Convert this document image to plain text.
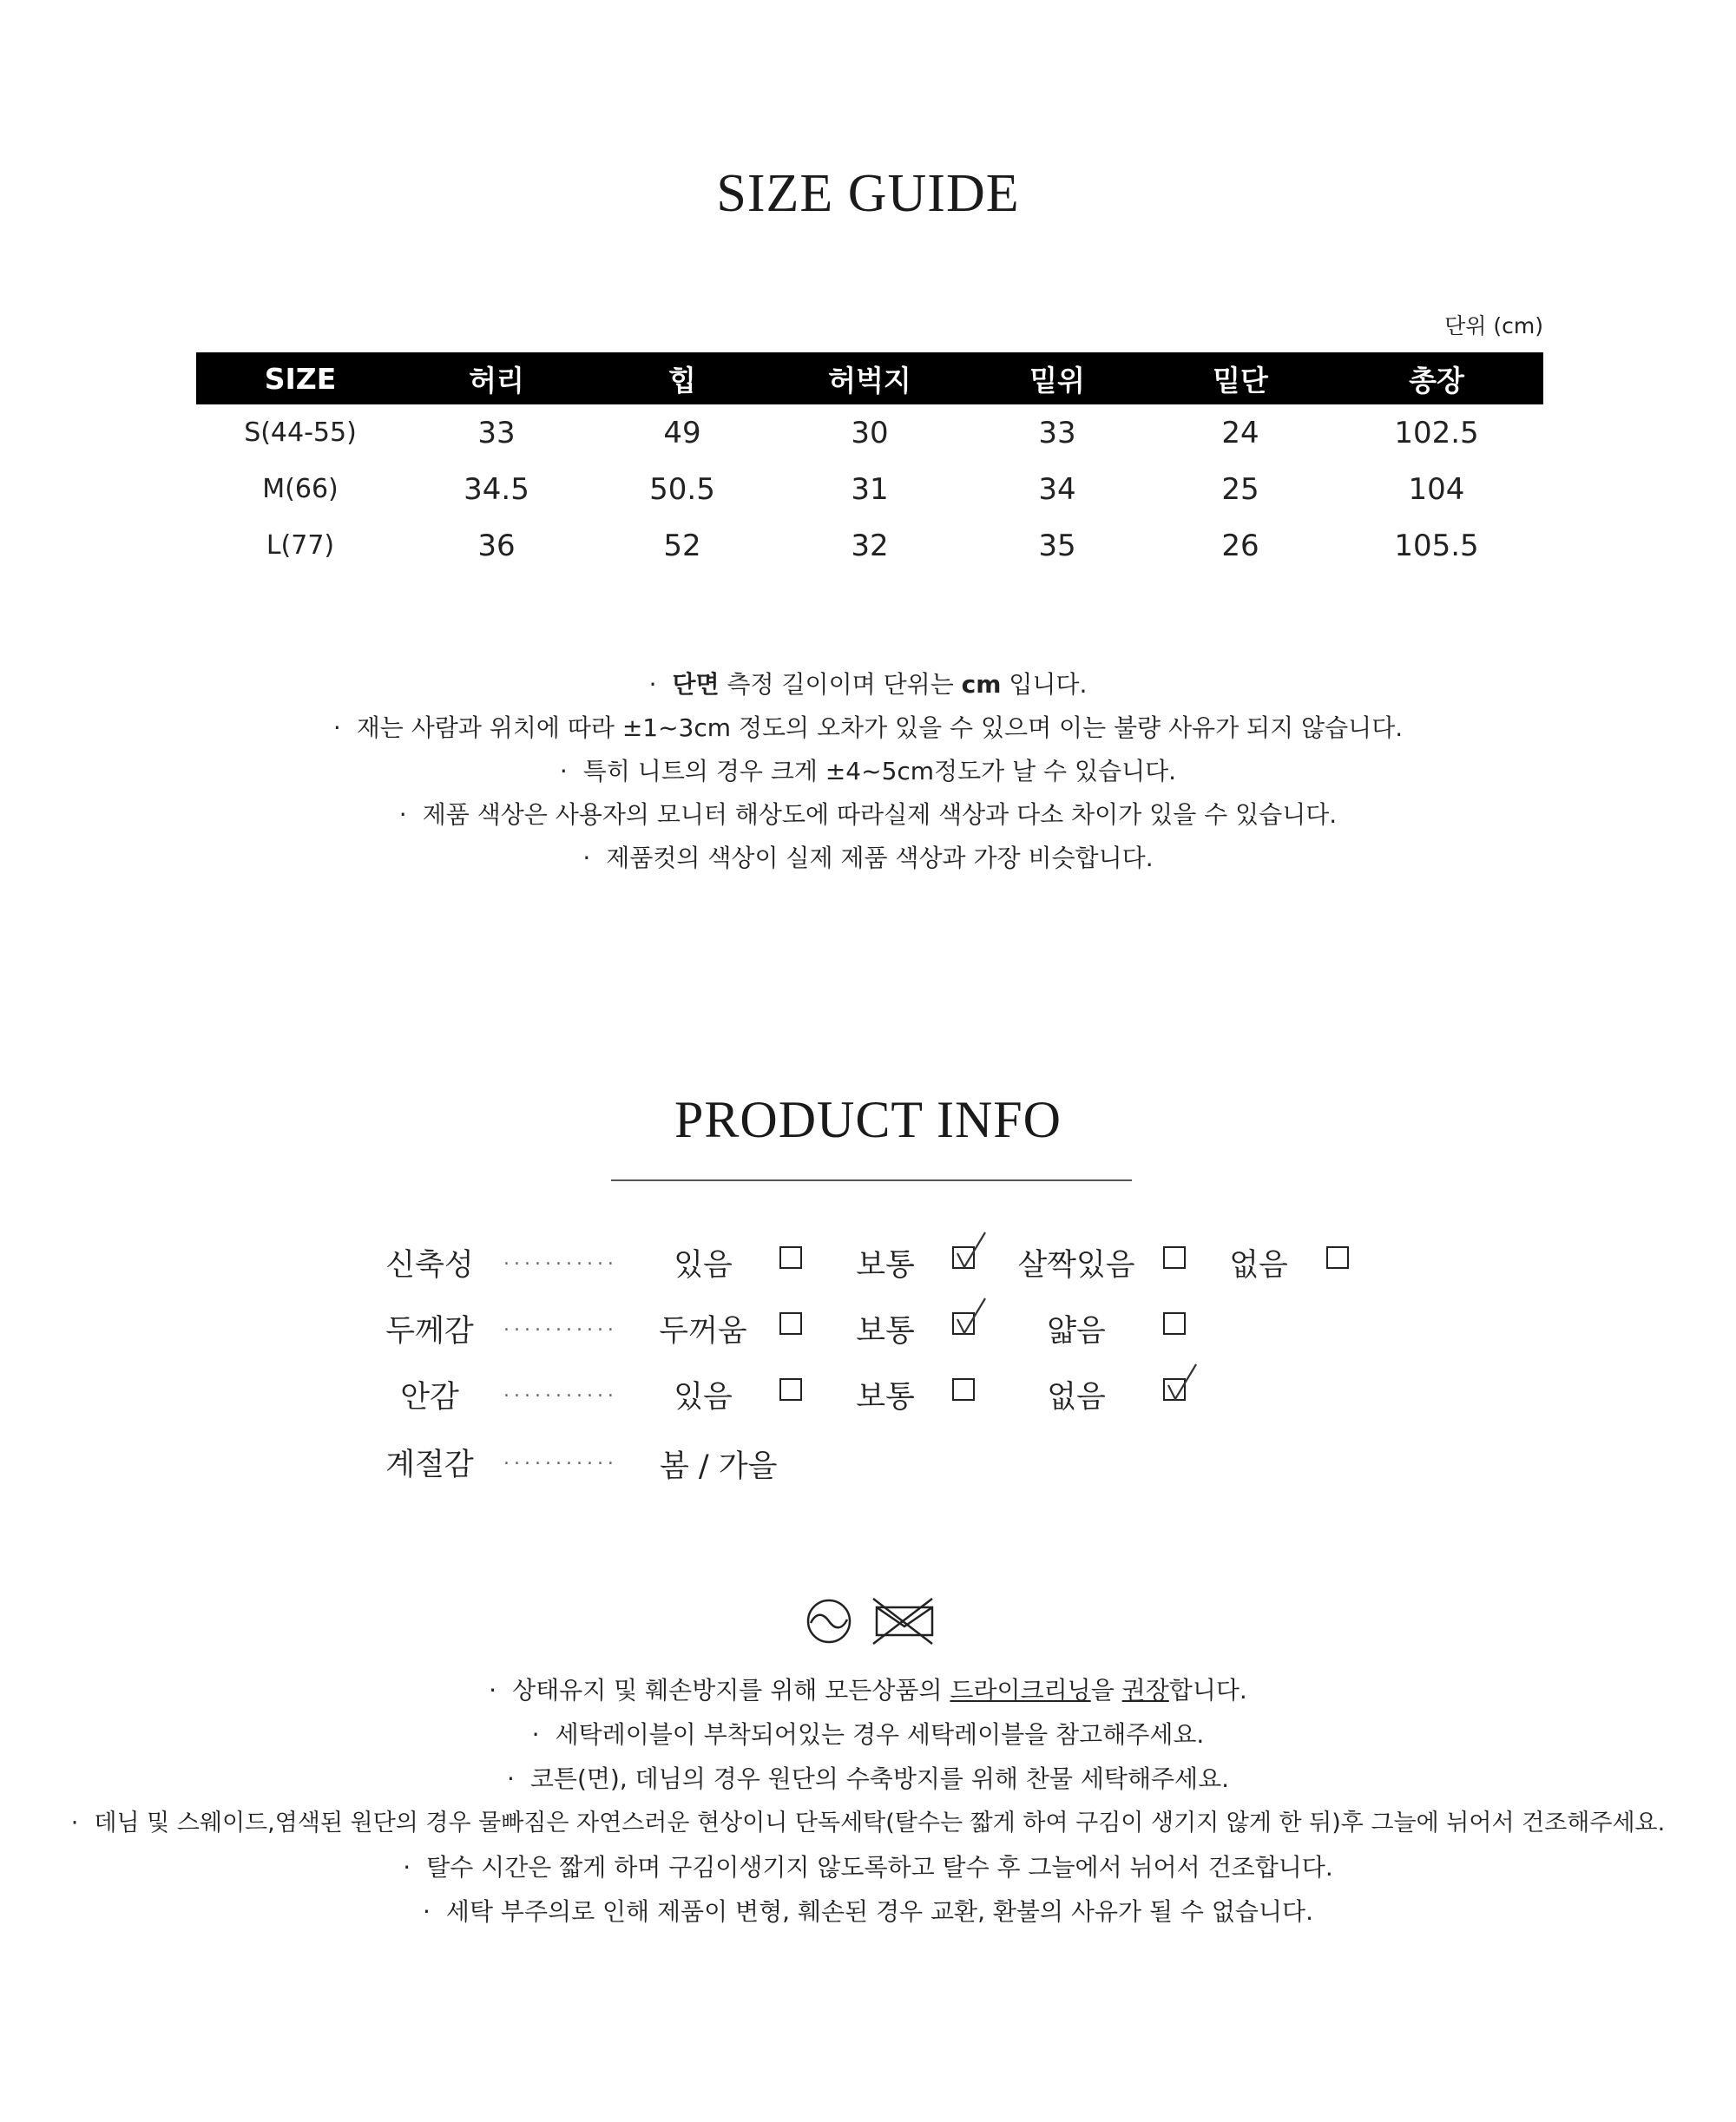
SIZE GUIDE
단위 (cm)
SIZE	허리	힙	허벅지	밑위	밑단	총장
S(44-55)	33	49	30	33	24	102.5
M(66)	34.5	50.5	31	34	25	104
L(77)	36	52	32	35	26	105.5
· 단면 측정 길이이며 단위는 cm 입니다.
· 재는 사람과 위치에 따라 ±1~3cm 정도의 오차가 있을 수 있으며 이는 불량 사유가 되지 않습니다.
· 특히 니트의 경우 크게 ±4~5cm정도가 날 수 있습니다.
· 제품 색상은 사용자의 모니터 해상도에 따라실제 색상과 다소 차이가 있을 수 있습니다.
· 제품컷의 색상이 실제 제품 색상과 가장 비슷합니다.
PRODUCT INFO
신축성	...........	있음	보통	살짝있음	없음
두께감	........... 두꺼움	보통	얇음
안감	...........	있음	보통	없음
계절감	........... 봄 / 가을
· 상태유지 및 훼손방지를 위해 모든상품의 드라이크리닝을 권장합니다.
· 세탁레이블이 부착되어있는 경우 세탁레이블을 참고해주세요.
· 코튼(면), 데님의 경우 원단의 수축방지를 위해 찬물 세탁해주세요.
· 데님 및 스웨이드,염색된 원단의 경우 물빠짐은 자연스러운 현상이니 단독세탁(탈수는 짧게 하여 구김이 생기지 않게 한 뒤)후 그늘에 뉘어서 건조해주세요.
· 탈수 시간은 짧게 하며 구김이생기지 않도록하고 탈수 후 그늘에서 뉘어서 건조합니다.
· 세탁 부주의로 인해 제품이 변형, 훼손된 경우 교환, 환불의 사유가 될 수 없습니다.
